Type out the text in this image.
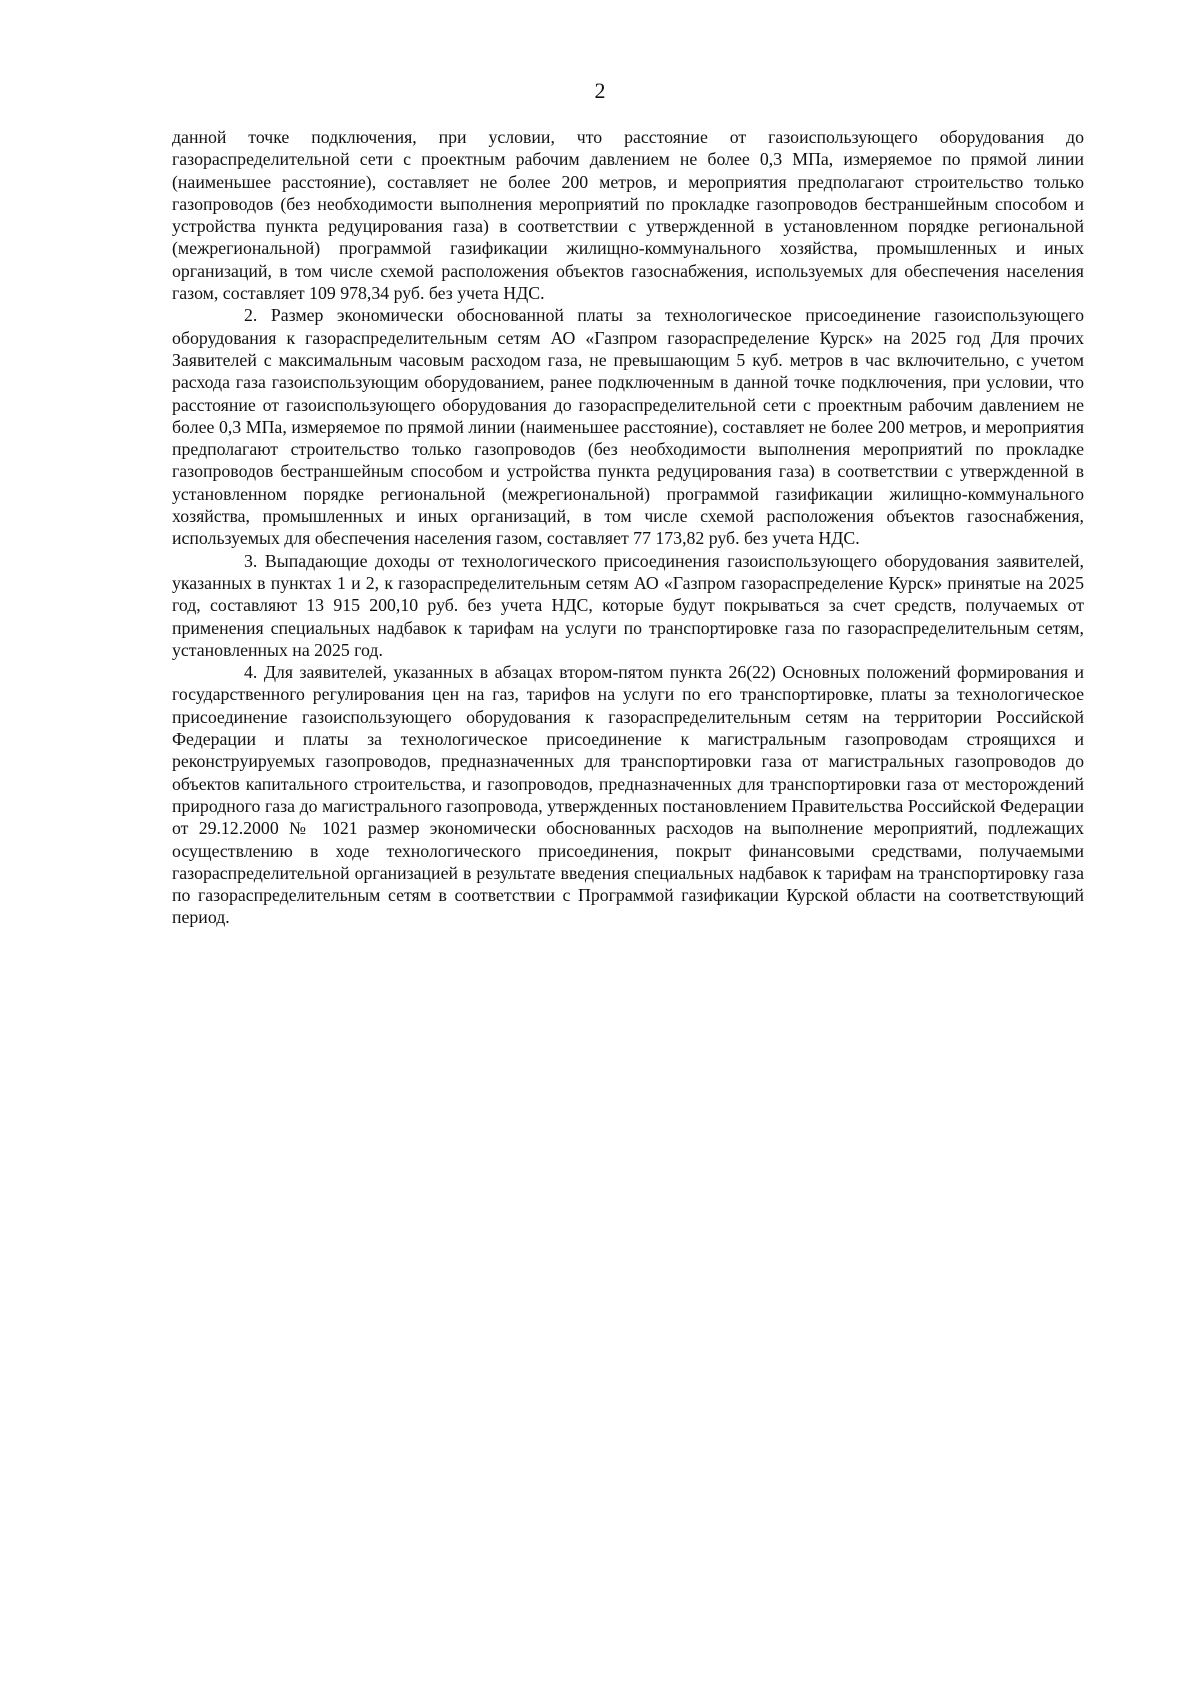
2

данной точке подключения, при условии, что расстояние от газоиспользующего оборудования до газораспределительной сети с проектным рабочим давлением не более 0,3 МПа, измеряемое по прямой линии (наименьшее расстояние), составляет не более 200 метров, и мероприятия предполагают строительство только газопроводов (без необходимости выполнения мероприятий по прокладке газопроводов бестраншейным способом и устройства пункта редуцирования газа) в соответствии с утвержденной в установленном порядке региональной (межрегиональной) программой газификации жилищно-коммунального хозяйства, промышленных и иных организаций, в том числе схемой расположения объектов газоснабжения, используемых для обеспечения населения газом, составляет 109 978,34 руб. без учета НДС.

2. Размер экономически обоснованной платы за технологическое присоединение газоиспользующего оборудования к газораспределительным сетям АО «Газпром газораспределение Курск» на 2025 год Для прочих Заявителей с максимальным часовым расходом газа, не превышающим 5 куб. метров в час включительно, с учетом расхода газа газоиспользующим оборудованием, ранее подключенным в данной точке подключения, при условии, что расстояние от газоиспользующего оборудования до газораспределительной сети с проектным рабочим давлением не более 0,3 МПа, измеряемое по прямой линии (наименьшее расстояние), составляет не более 200 метров, и мероприятия предполагают строительство только газопроводов (без необходимости выполнения мероприятий по прокладке газопроводов бестраншейным способом и устройства пункта редуцирования газа) в соответствии с утвержденной в установленном порядке региональной (межрегиональной) программой газификации жилищно-коммунального хозяйства, промышленных и иных организаций, в том числе схемой расположения объектов газоснабжения, используемых для обеспечения населения газом, составляет 77 173,82 руб. без учета НДС.

3. Выпадающие доходы от технологического присоединения газоиспользующего оборудования заявителей, указанных в пунктах 1 и 2, к газораспределительным сетям АО «Газпром газораспределение Курск» принятые на 2025 год, составляют 13 915 200,10 руб. без учета НДС, которые будут покрываться за счет средств, получаемых от применения специальных надбавок к тарифам на услуги по транспортировке газа по газораспределительным сетям, установленных на 2025 год.

4. Для заявителей, указанных в абзацах втором-пятом пункта 26(22) Основных положений формирования и государственного регулирования цен на газ, тарифов на услуги по его транспортировке, платы за технологическое присоединение газоиспользующего оборудования к газораспределительным сетям на территории Российской Федерации и платы за технологическое присоединение к магистральным газопроводам строящихся и реконструируемых газопроводов, предназначенных для транспортировки газа от магистральных газопроводов до объектов капитального строительства, и газопроводов, предназначенных для транспортировки газа от месторождений природного газа до магистрального газопровода, утвержденных постановлением Правительства Российской Федерации от 29.12.2000 № 1021 размер экономически обоснованных расходов на выполнение мероприятий, подлежащих осуществлению в ходе технологического присоединения, покрыт финансовыми средствами, получаемыми газораспределительной организацией в результате введения специальных надбавок к тарифам на транспортировку газа по газораспределительным сетям в соответствии с Программой газификации Курской области на соответствующий период.
